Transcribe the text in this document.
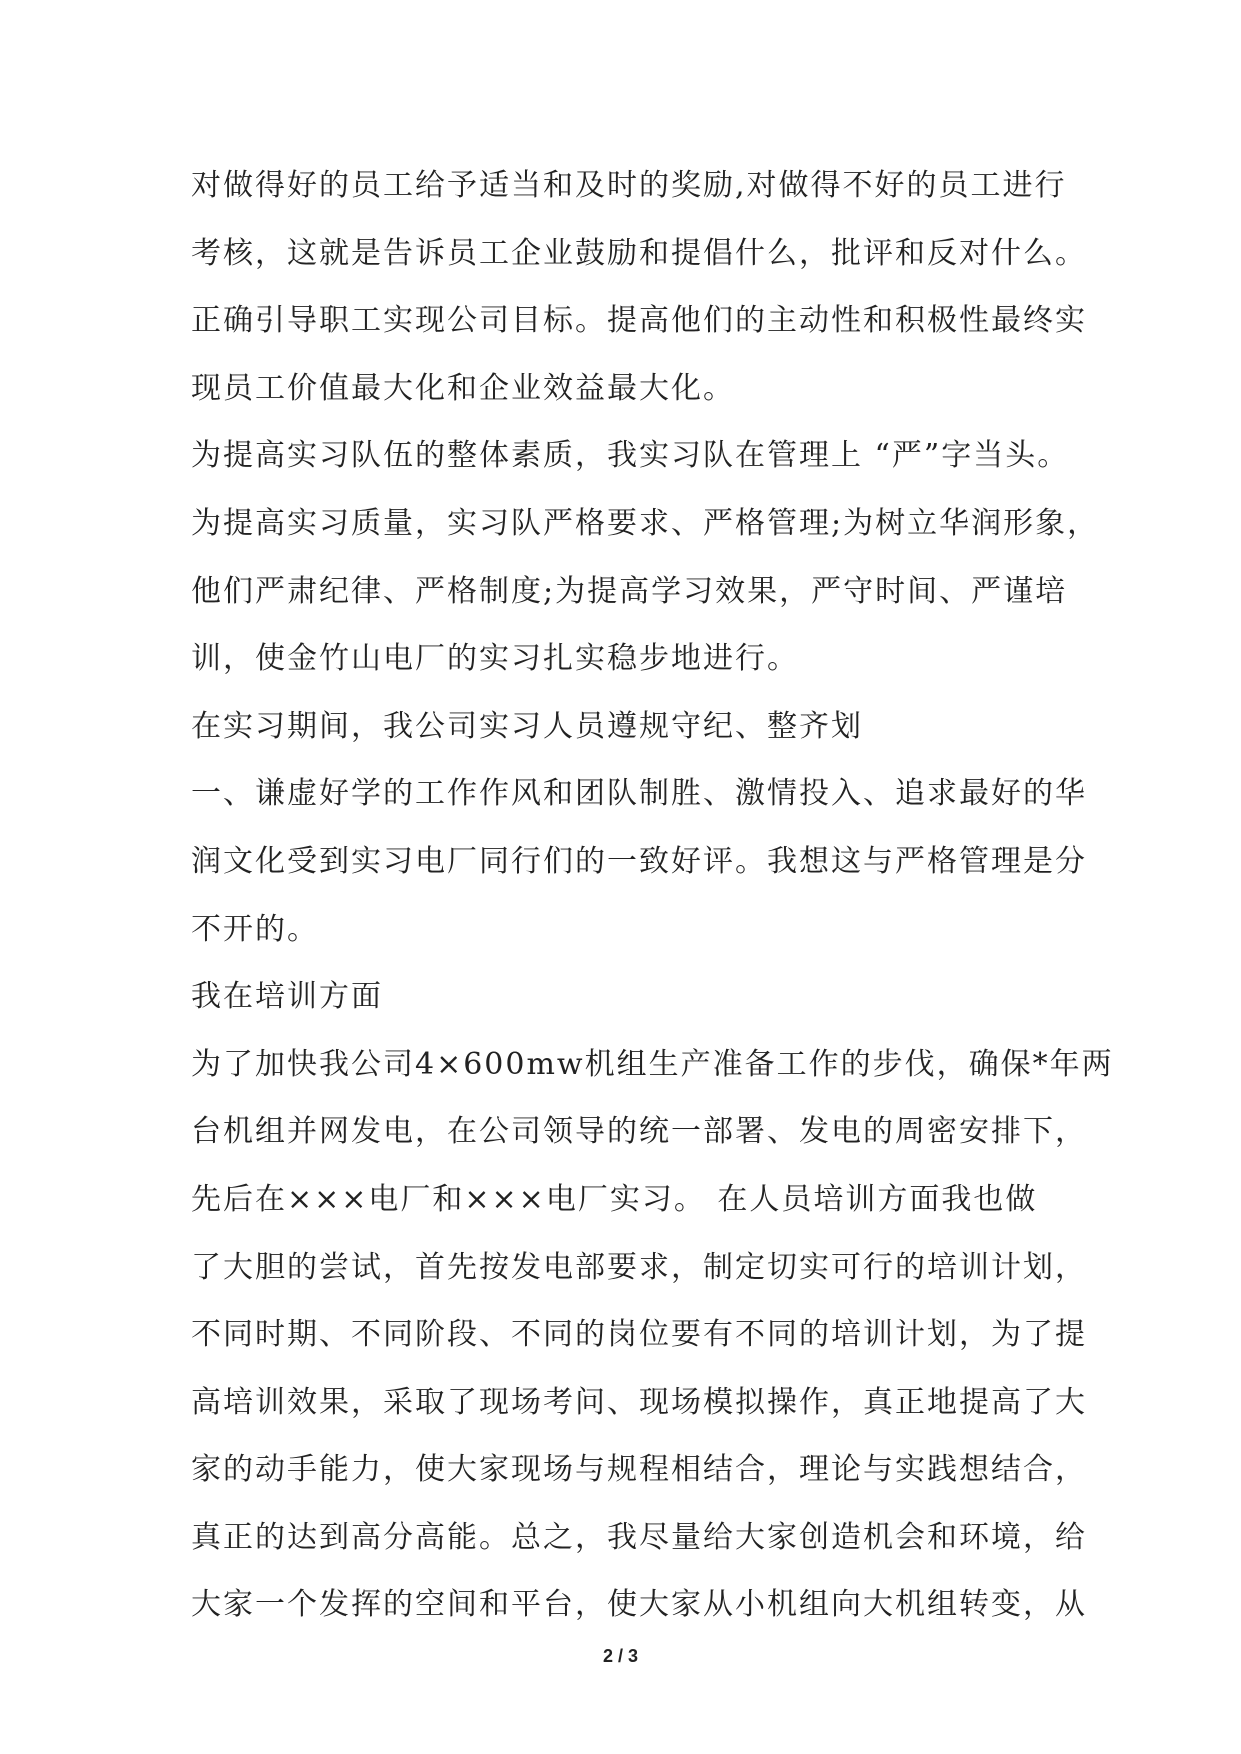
对做得好的员工给予适当和及时的奖励,对做得不好的员工进行
考核，这就是告诉员工企业鼓励和提倡什么，批评和反对什么。
正确引导职工实现公司目标。提高他们的主动性和积极性最终实
现员工价值最大化和企业效益最大化。
为提高实习队伍的整体素质，我实习队在管理上 “严”字当头。
为提高实习质量，实习队严格要求、严格管理;为树立华润形象，
他们严肃纪律、严格制度;为提高学习效果，严守时间、严谨培
训，使金竹山电厂的实习扎实稳步地进行。
在实习期间，我公司实习人员遵规守纪、整齐划
一、谦虚好学的工作作风和团队制胜、激情投入、追求最好的华
润文化受到实习电厂同行们的一致好评。我想这与严格管理是分
不开的。
我在培训方面
为了加快我公司4×600mw机组生产准备工作的步伐，确保*年两
台机组并网发电，在公司领导的统一部署、发电的周密安排下，
先后在×××电厂和×××电厂实习。 在人员培训方面我也做
了大胆的尝试，首先按发电部要求，制定切实可行的培训计划，
不同时期、不同阶段、不同的岗位要有不同的培训计划，为了提
高培训效果，采取了现场考问、现场模拟操作，真正地提高了大
家的动手能力，使大家现场与规程相结合，理论与实践想结合，
真正的达到高分高能。总之，我尽量给大家创造机会和环境，给
大家一个发挥的空间和平台，使大家从小机组向大机组转变，从
2 / 3
